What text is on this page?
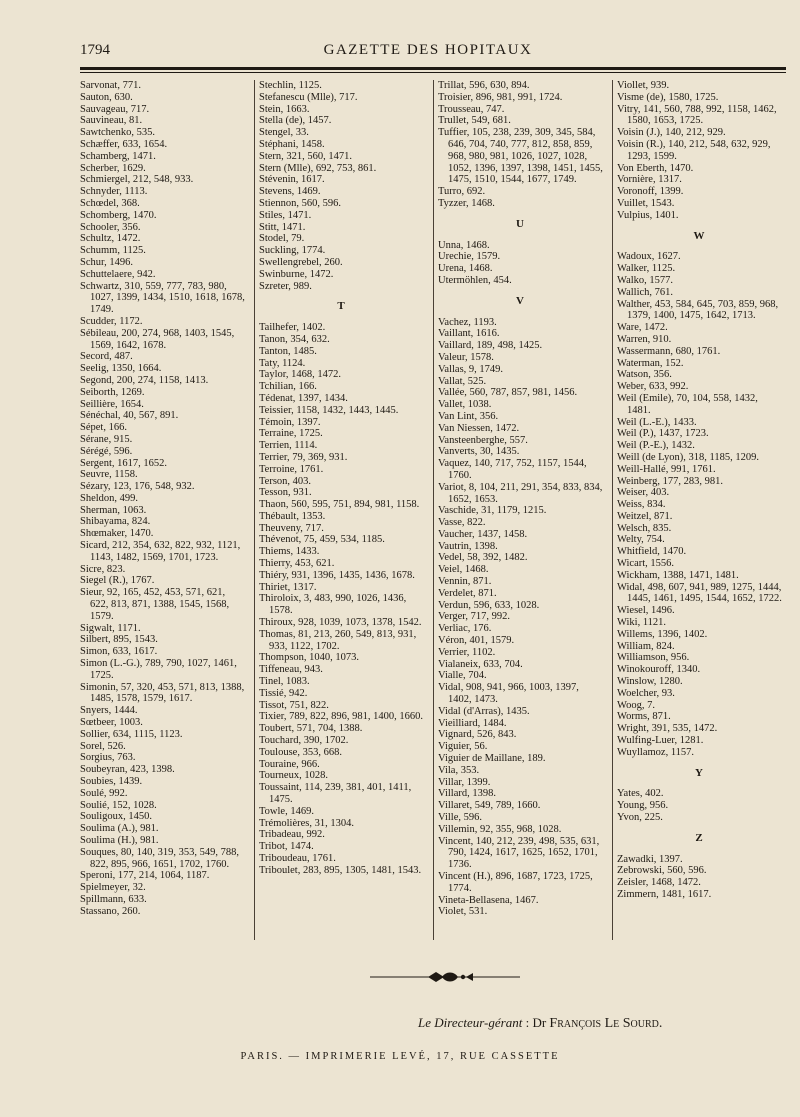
1794	GAZETTE DES HOPITAUX
Sarvonat, 771.
Sauton, 630.
Sauvageau, 717.
Sauvineau, 81.
Sawtchenko, 535.
Schæffer, 633, 1654.
Schamberg, 1471.
Scherber, 1629.
Schmiergel, 212, 548, 933.
Schnyder, 1113.
Schœdel, 368.
Schomberg, 1470.
Schooler, 356.
Schultz, 1472.
Schumm, 1125.
Schur, 1496.
Schuttelaere, 942.
Schwartz, 310, 559, 777, 783, 980, 1027, 1399, 1434, 1510, 1618, 1678, 1749.
Scudder, 1172.
Sébileau, 200, 274, 968, 1403, 1545, 1569, 1642, 1678.
Secord, 487.
Seelig, 1350, 1664.
Segond, 200, 274, 1158, 1413.
Seiborth, 1269.
Seillière, 1654.
Sénéchal, 40, 567, 891.
Sépet, 166.
Sérane, 915.
Sérégé, 596.
Sergent, 1617, 1652.
Seuvre, 1158.
Sézary, 123, 176, 548, 932.
Sheldon, 499.
Sherman, 1063.
Shibayama, 824.
Shœmaker, 1470.
Sicard, 212, 354, 632, 822, 932, 1121, 1143, 1482, 1569, 1701, 1723.
Sicre, 823.
Siegel (R.), 1767.
Sieur, 92, 165, 452, 453, 571, 621, 622, 813, 871, 1388, 1545, 1568, 1579.
Sigwalt, 1171.
Silbert, 895, 1543.
Simon, 633, 1617.
Simon (L.-G.), 789, 790, 1027, 1461, 1725.
Simonin, 57, 320, 453, 571, 813, 1388, 1485, 1578, 1579, 1617.
Snyers, 1444.
Sœtbeer, 1003.
Sollier, 634, 1115, 1123.
Sorel, 526.
Sorgius, 763.
Soubeyran, 423, 1398.
Soubies, 1439.
Soulé, 992.
Soulié, 152, 1028.
Souligoux, 1450.
Soulima (A.), 981.
Soulima (H.), 981.
Souques, 80, 140, 319, 353, 549, 788, 822, 895, 966, 1651, 1702, 1760.
Speroni, 177, 214, 1064, 1187.
Spielmeyer, 32.
Spillmann, 633.
Stassano, 260.
Stechlin, 1125.
Stefanescu (Mlle), 717.
Stein, 1663.
Stella (de), 1457.
Stengel, 33.
Stéphani, 1458.
Stern, 321, 560, 1471.
Stern (Mlle), 692, 753, 861.
Stévenin, 1617.
Stevens, 1469.
Stiennon, 560, 596.
Stiles, 1471.
Stitt, 1471.
Stodel, 79.
Suckling, 1774.
Swellengrebel, 260.
Swinburne, 1472.
Szreter, 989.
T
Tailhefer, 1402.
Tanon, 354, 632.
Tanton, 1485.
Taty, 1124.
Taylor, 1468, 1472.
Tchilian, 166.
Tédenat, 1397, 1434.
Teissier, 1158, 1432, 1443, 1445.
Témoin, 1397.
Terraine, 1725.
Terrien, 1114.
Terrier, 79, 369, 931.
Terroine, 1761.
Terson, 403.
Tesson, 931.
Thaon, 560, 595, 751, 894, 981, 1158.
Thébault, 1353.
Theuveny, 717.
Thévenot, 75, 459, 534, 1185.
Thiems, 1433.
Thierry, 453, 621.
Thiéry, 931, 1396, 1435, 1436, 1678.
Thiriet, 1317.
Thiroloix, 3, 483, 990, 1026, 1436, 1578.
Thiroux, 928, 1039, 1073, 1378, 1542.
Thomas, 81, 213, 260, 549, 813, 931, 933, 1122, 1702.
Thompson, 1040, 1073.
Tiffeneau, 943.
Tinel, 1083.
Tissié, 942.
Tissot, 751, 822.
Tixier, 789, 822, 896, 981, 1400, 1660.
Toubert, 571, 704, 1388.
Touchard, 390, 1702.
Toulouse, 353, 668.
Touraine, 966.
Tourneux, 1028.
Toussaint, 114, 239, 381, 401, 1411, 1475.
Towle, 1469.
Trémolières, 31, 1304.
Tribadeau, 992.
Tribot, 1474.
Triboudeau, 1761.
Triboulet, 283, 895, 1305, 1481, 1543.
Trillat, 596, 630, 894.
Troisier, 896, 981, 991, 1724.
Trousseau, 747.
Trullet, 549, 681.
Tuffier, 105, 238, 239, 309, 345, 584, 646, 704, 740, 777, 812, 858, 859, 968, 980, 981, 1026, 1027, 1028, 1052, 1396, 1397, 1398, 1451, 1455, 1475, 1510, 1544, 1677, 1749.
Turro, 692.
Tyzzer, 1468.
U
Unna, 1468.
Urechie, 1579.
Urena, 1468.
Utermöhlen, 454.
V
Vachez, 1193.
Vaillant, 1616.
Vaillard, 189, 498, 1425.
Valeur, 1578.
Vallas, 9, 1749.
Vallat, 525.
Vallée, 560, 787, 857, 981, 1456.
Vallet, 1038.
Van Lint, 356.
Van Niessen, 1472.
Vansteenberghe, 557.
Vanverts, 30, 1435.
Vaquez, 140, 717, 752, 1157, 1544, 1760.
Variot, 8, 104, 211, 291, 354, 833, 834, 1652, 1653.
Vaschide, 31, 1179, 1215.
Vasse, 822.
Vaucher, 1437, 1458.
Vautrin, 1398.
Vedel, 58, 392, 1482.
Veiel, 1468.
Vennin, 871.
Verdelet, 871.
Verdun, 596, 633, 1028.
Verger, 717, 992.
Verliac, 176.
Véron, 401, 1579.
Verrier, 1102.
Vialaneix, 633, 704.
Vialle, 704.
Vidal, 908, 941, 966, 1003, 1397, 1402, 1473.
Vidal (d'Arras), 1435.
Vieilliard, 1484.
Vignard, 526, 843.
Viguier, 56.
Viguier de Maillane, 189.
Vila, 353.
Villar, 1399.
Villard, 1398.
Villaret, 549, 789, 1660.
Ville, 596.
Villemin, 92, 355, 968, 1028.
Vincent, 140, 212, 239, 498, 535, 631, 790, 1424, 1617, 1625, 1652, 1701, 1736.
Vincent (H.), 896, 1687, 1723, 1725, 1774.
Vineta-Bellasena, 1467.
Violet, 531.
Viollet, 939.
Visme (de), 1580, 1725.
Vitry, 141, 560, 788, 992, 1158, 1462, 1580, 1653, 1725.
Voisin (J.), 140, 212, 929.
Voisin (R.), 140, 212, 548, 632, 929, 1293, 1599.
Von Eberth, 1470.
Vornière, 1317.
Voronoff, 1399.
Vuillet, 1543.
Vulpius, 1401.
W
Wadoux, 1627.
Walker, 1125.
Walko, 1577.
Wallich, 761.
Walther, 453, 584, 645, 703, 859, 968, 1379, 1400, 1475, 1642, 1713.
Ware, 1472.
Warren, 910.
Wassermann, 680, 1761.
Waterman, 152.
Watson, 356.
Weber, 633, 992.
Weil (Emile), 70, 104, 558, 1432, 1481.
Weil (L.-E.), 1433.
Weil (P.), 1437, 1723.
Weil (P.-E.), 1432.
Weill (de Lyon), 318, 1185, 1209.
Weill-Hallé, 991, 1761.
Weinberg, 177, 283, 981.
Weiser, 403.
Weiss, 834.
Weitzel, 871.
Welsch, 835.
Welty, 754.
Whitfield, 1470.
Wicart, 1556.
Wickham, 1388, 1471, 1481.
Widal, 498, 607, 941, 989, 1275, 1444, 1445, 1461, 1495, 1544, 1652, 1722.
Wiesel, 1496.
Wiki, 1121.
Willems, 1396, 1402.
William, 824.
Williamson, 956.
Winokouroff, 1340.
Winslow, 1280.
Woelcher, 93.
Woog, 7.
Worms, 871.
Wright, 391, 535, 1472.
Wulfing-Luer, 1281.
Wuyllamoz, 1157.
Y
Yates, 402.
Young, 956.
Yvon, 225.
Z
Zawadki, 1397.
Zebrowski, 560, 596.
Zeisler, 1468, 1472.
Zimmern, 1481, 1617.
Le Directeur-gérant : Dr François Le Sourd.
PARIS. — IMPRIMERIE LEVÉ, 17, RUE CASSETTE
